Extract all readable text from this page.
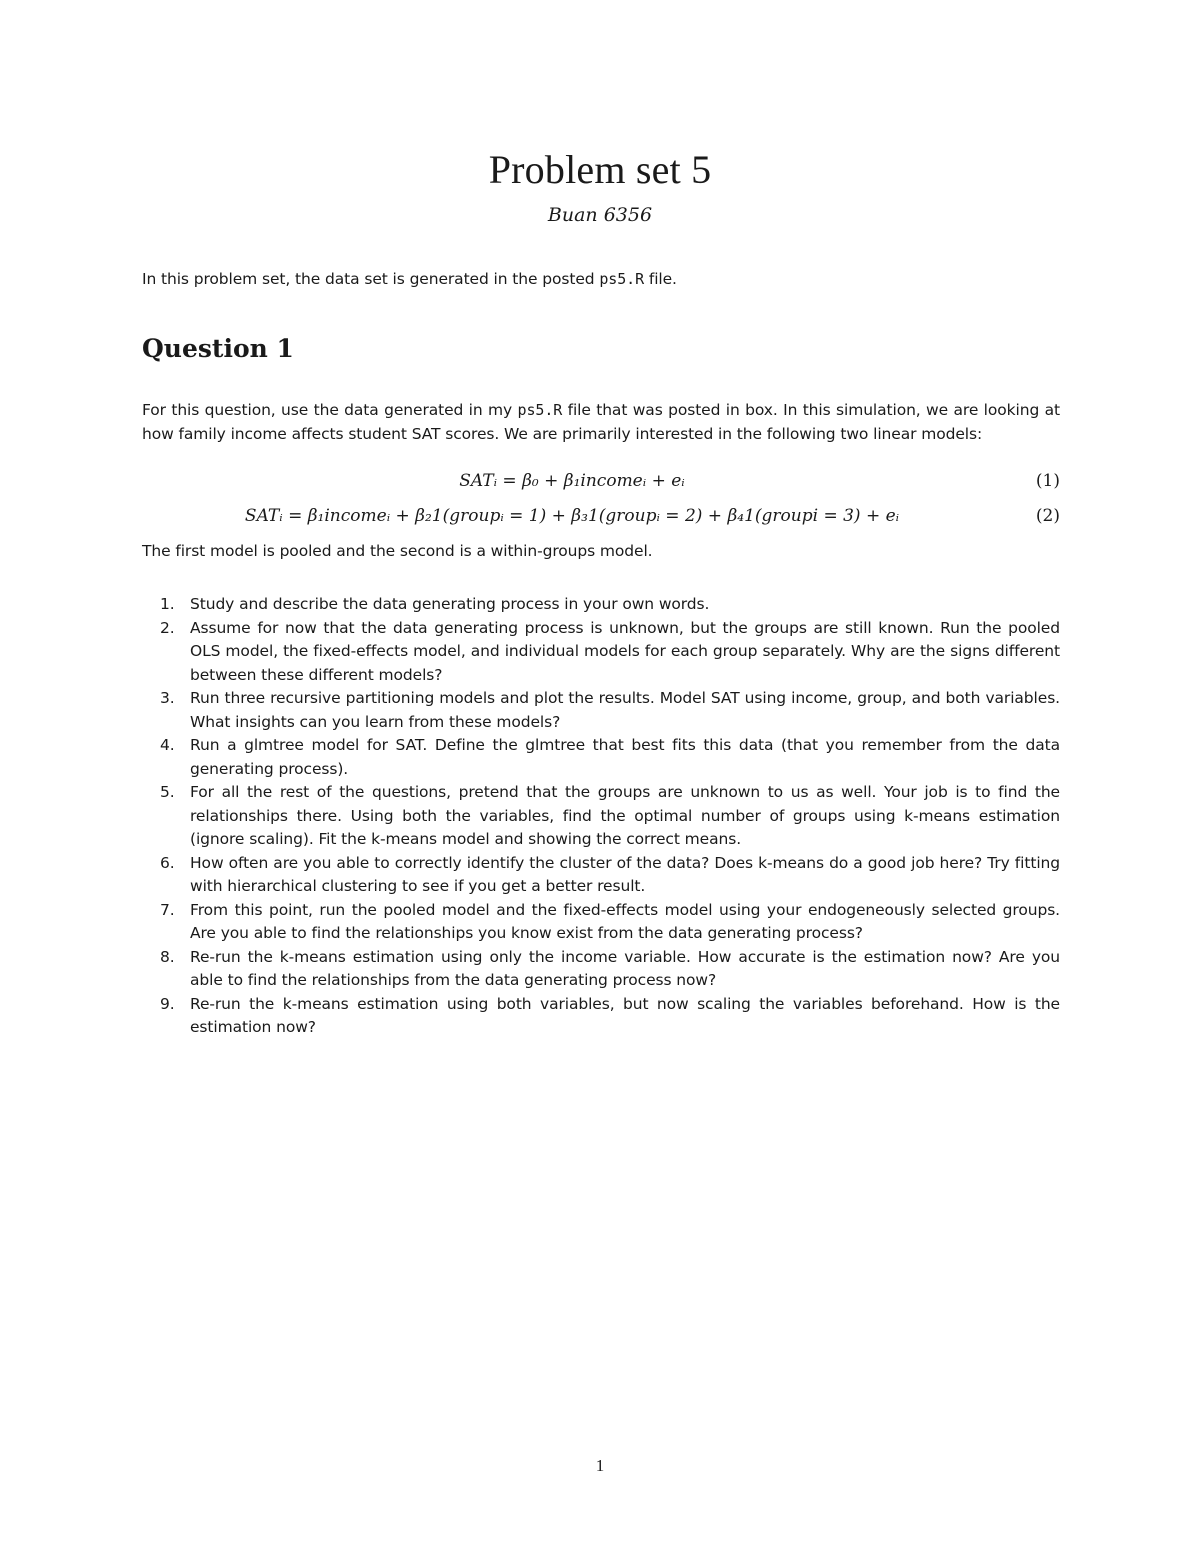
Problem set 5
Buan 6356

In this problem set, the data set is generated in the posted ps5.R file.

Question 1

For this question, use the data generated in my ps5.R file that was posted in box. In this simulation, we are looking at how family income affects student SAT scores. We are primarily interested in the following two linear models:

SATᵢ = β₀ + β₁incomeᵢ + eᵢ	(1)
SATᵢ = β₁incomeᵢ + β₂1(groupᵢ = 1) + β₃1(groupᵢ = 2) + β₄1(groupi = 3) + eᵢ	(2)

The first model is pooled and the second is a within-groups model.

1. Study and describe the data generating process in your own words.
2. Assume for now that the data generating process is unknown, but the groups are still known. Run the pooled OLS model, the fixed-effects model, and individual models for each group separately. Why are the signs different between these different models?
3. Run three recursive partitioning models and plot the results. Model SAT using income, group, and both variables. What insights can you learn from these models?
4. Run a glmtree model for SAT. Define the glmtree that best fits this data (that you remember from the data generating process).
5. For all the rest of the questions, pretend that the groups are unknown to us as well. Your job is to find the relationships there. Using both the variables, find the optimal number of groups using k-means estimation (ignore scaling). Fit the k-means model and showing the correct means.
6. How often are you able to correctly identify the cluster of the data? Does k-means do a good job here? Try fitting with hierarchical clustering to see if you get a better result.
7. From this point, run the pooled model and the fixed-effects model using your endogeneously selected groups. Are you able to find the relationships you know exist from the data generating process?
8. Re-run the k-means estimation using only the income variable. How accurate is the estimation now? Are you able to find the relationships from the data generating process now?
9. Re-run the k-means estimation using both variables, but now scaling the variables beforehand. How is the estimation now?
1
